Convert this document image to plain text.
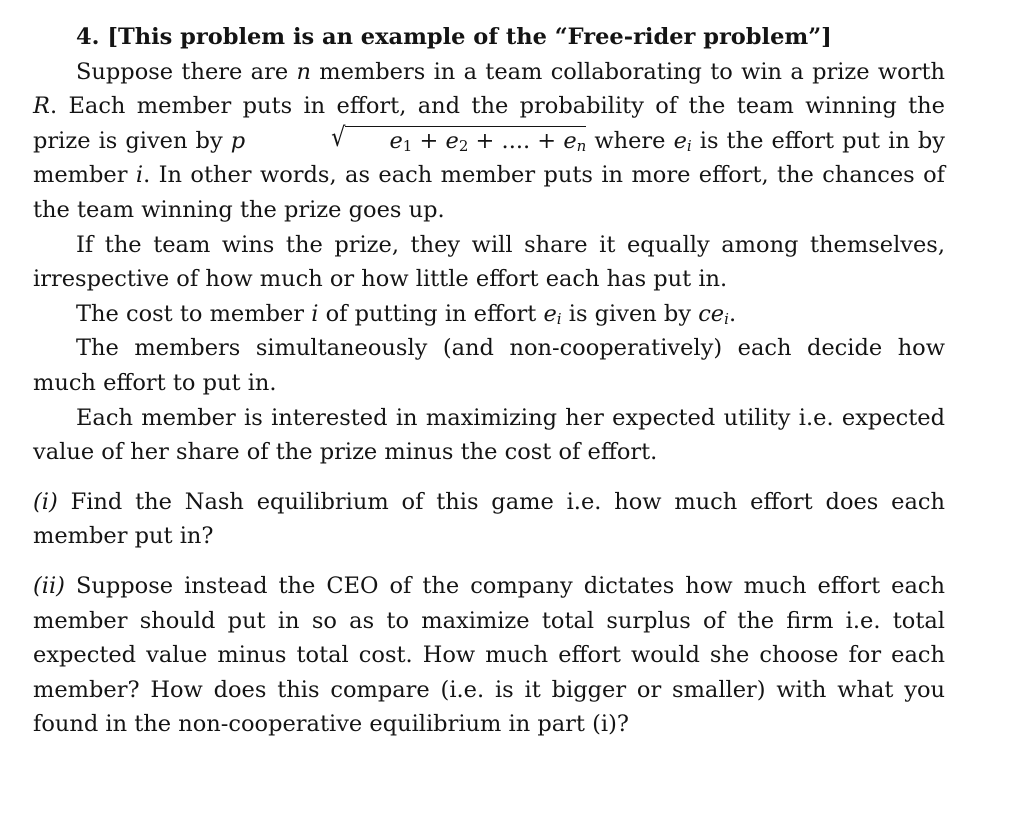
4. [This problem is an example of the “Free-rider problem”]

Suppose there are n members in a team collaborating to win a prize worth R. Each member puts in effort, and the probability of the team winning the prize is given by p	√ $e_1 + e_2$ + .... + $e_n$ where $e_i$ is the effort put in by member i. In other words, as each member puts in more effort, the chances of the team winning the prize goes up.

If the team wins the prize, they will share it equally among themselves, irrespective of how much or how little effort each has put in.

The cost to member i of putting in effort $e_i$ is given by $ce_i$.

The members simultaneously (and non-cooperatively) each decide how much effort to put in.

Each member is interested in maximizing her expected utility i.e. expected value of her share of the prize minus the cost of effort.

(i) Find the Nash equilibrium of this game i.e. how much effort does each member put in?

(ii) Suppose instead the CEO of the company dictates how much effort each member should put in so as to maximize total surplus of the firm i.e. total expected value minus total cost. How much effort would she choose for each member? How does this compare (i.e. is it bigger or smaller) with what you found in the non-cooperative equilibrium in part (i)?
